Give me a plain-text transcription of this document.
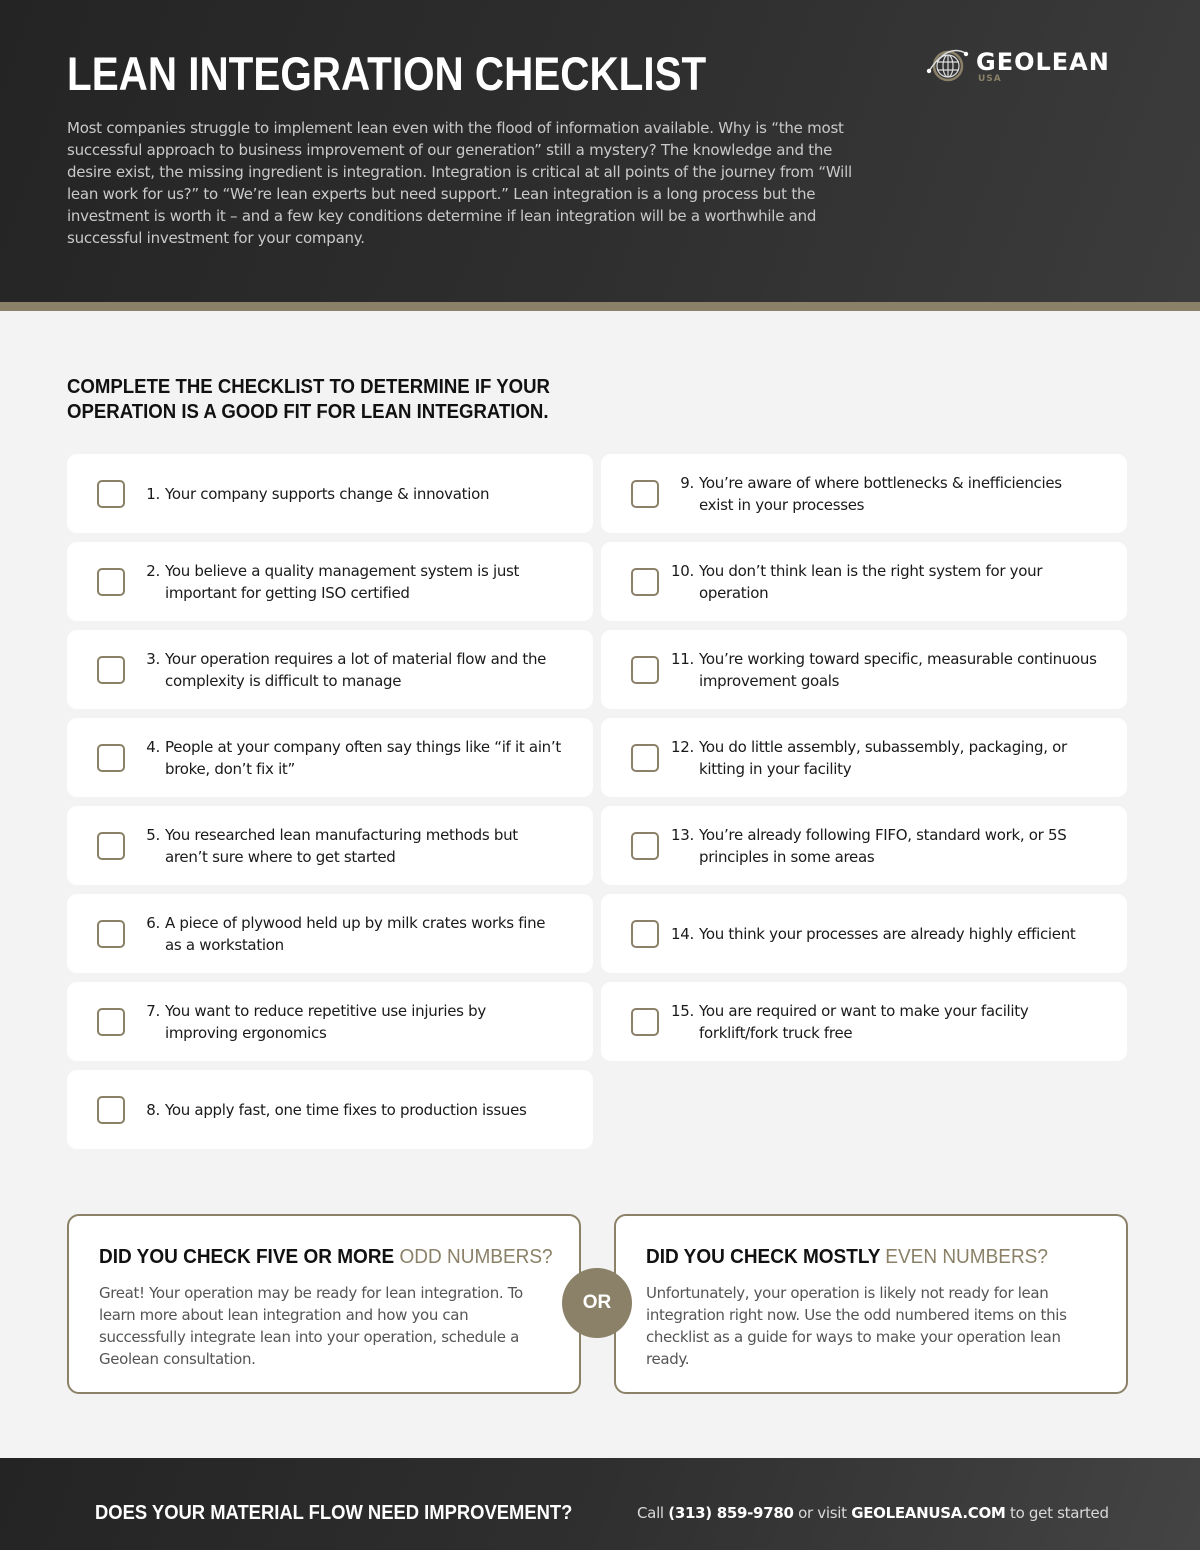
LEAN INTEGRATION CHECKLIST
Most companies struggle to implement lean even with the flood of information available. Why is “the most successful approach to business improvement of our generation” still a mystery? The knowledge and the desire exist, the missing ingredient is integration. Integration is critical at all points of the journey from “Will lean work for us?” to “We’re lean experts but need support.” Lean integration is a long process but the investment is worth it – and a few key conditions determine if lean integration will be a worthwhile and successful investment for your company.
GEOLEAN
USA
COMPLETE THE CHECKLIST TO DETERMINE IF YOUR OPERATION IS A GOOD FIT FOR LEAN INTEGRATION.
1. Your company supports change & innovation
2. You believe a quality management system is just important for getting ISO certified
3. Your operation requires a lot of material flow and the complexity is difficult to manage
4. People at your company often say things like “if it ain’t broke, don’t fix it”
5. You researched lean manufacturing methods but aren’t sure where to get started
6. A piece of plywood held up by milk crates works fine as a workstation
7. You want to reduce repetitive use injuries by improving ergonomics
8. You apply fast, one time fixes to production issues
9. You’re aware of where bottlenecks & inefficiencies exist in your processes
10. You don’t think lean is the right system for your operation
11. You’re working toward specific, measurable continuous improvement goals
12. You do little assembly, subassembly, packaging, or kitting in your facility
13. You’re already following FIFO, standard work, or 5S principles in some areas
14. You think your processes are already highly efficient
15. You are required or want to make your facility forklift/fork truck free
DID YOU CHECK FIVE OR MORE ODD NUMBERS?
Great! Your operation may be ready for lean integration. To learn more about lean integration and how you can successfully integrate lean into your operation, schedule a Geolean consultation.
DID YOU CHECK MOSTLY EVEN NUMBERS?
Unfortunately, your operation is likely not ready for lean integration right now. Use the odd numbered items on this checklist as a guide for ways to make your operation lean ready.
OR
DOES YOUR MATERIAL FLOW NEED IMPROVEMENT?	Call (313) 859-9780 or visit GEOLEANUSA.COM to get started
